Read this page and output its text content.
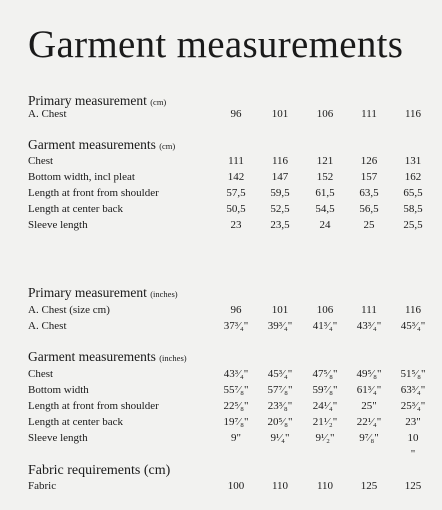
Garment measurements
Primary measurement (cm)
A. Chest	96	101	106	111	116
Garment measurements (cm)
Chest	111	116	121	126	131
Bottom width, incl pleat	142	147	152	157	162
Length at front from shoulder	57,5	59,5	61,5	63,5	65,5
Length at center back	50,5	52,5	54,5	56,5	58,5
Sleeve length	23	23,5	24	25	25,5
Primary measurement (inches)
A. Chest (size cm)	96	101	106	111	116
A. Chest	37³⁄₄"	39³⁄₄"	41³⁄₄"	43³⁄₄"	45³⁄₄"
Garment measurements (inches)
Chest	43³⁄₄"	45³⁄₄"	47⁵⁄₈"	49⁵⁄₈"	51⁵⁄₈"
Bottom width	55⁷⁄₈"	57⁷⁄₈"	59⁷⁄₈"	61³⁄₄"	63³⁄₄"
Length at front from shoulder	22⁵⁄₈"	23³⁄₈"	24¹⁄₄"	25"	25³⁄₄"
Length at center back	19⁷⁄₈"	20⁵⁄₈"	21¹⁄₂"	22¹⁄₄"	23"
Sleeve length	9"	9¹⁄₄"	9¹⁄₂"	9⁷⁄₈"	10
"
Fabric requirements (cm)
Fabric	100	110	110	125	125
